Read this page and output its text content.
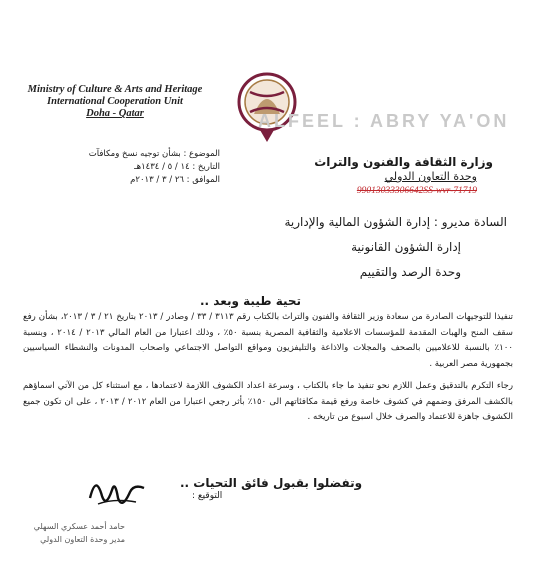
Ministry of Culture & Arts and Heritage
International Cooperation Unit
Doha - Qatar	ALFEEL : ABRY YA'ON
الموضوع : بشأن توجيه نسخ ومكافآت
التاريخ : ١٤ / ٥ / ١٤٣٤هـ
الموافق : ٢٦ / ٣ / ٢٠١٣م
وزارة الثقافة والفنون والتراث
وحدة التعاون الدولي
99013033306642SS-wvr-71719
السادة مديرو : إدارة الشؤون المالية والإدارية
إدارة الشؤون القانونية
وحدة الرصد والتقييم
تحية طيبة وبعد ..
تنفيذا للتوجيهات الصادرة من سعادة وزير الثقافة والفنون والتراث بالكتاب رقم ٣١١٣ / ٣٣ / وصادر / ٢٠١٣ بتاريخ ٢١ / ٣ / ٢٠١٣، بشأن رفع سقف المنح والهبات المقدمة للمؤسسات الاعلامية والثقافية المصرية بنسبة ٥٠٪ ، وذلك اعتبارا من العام المالي ٢٠١٣ / ٢٠١٤ ، وبنسبة ١٠٠٪ بالنسبة للاعلاميين بالصحف والمجلات والاذاعة والتليفزيون ومواقع التواصل الاجتماعي واصحاب المدونات والنشطاء السياسيين بجمهورية مصر العربية .
رجاء التكرم بالتدقيق وعمل اللازم نحو تنفيذ ما جاء بالكتاب ، وسرعة اعداد الكشوف اللازمة لاعتمادها ، مع استثناء كل من الآتي اسماؤهم بالكشف المرفق وضمهم في كشوف خاصة ورفع قيمة مكافئاتهم الى ١٥٠٪ بأثر رجعي اعتبارا من العام ٢٠١٢ / ٢٠١٣ ، على ان تكون جميع الكشوف جاهزة للاعتماد والصرف خلال اسبوع من تاريخه .
وتفضلوا بقبول فائق التحيات ..
التوقيع :
حامد أحمد عسكري السهلي
مدير وحدة التعاون الدولي
